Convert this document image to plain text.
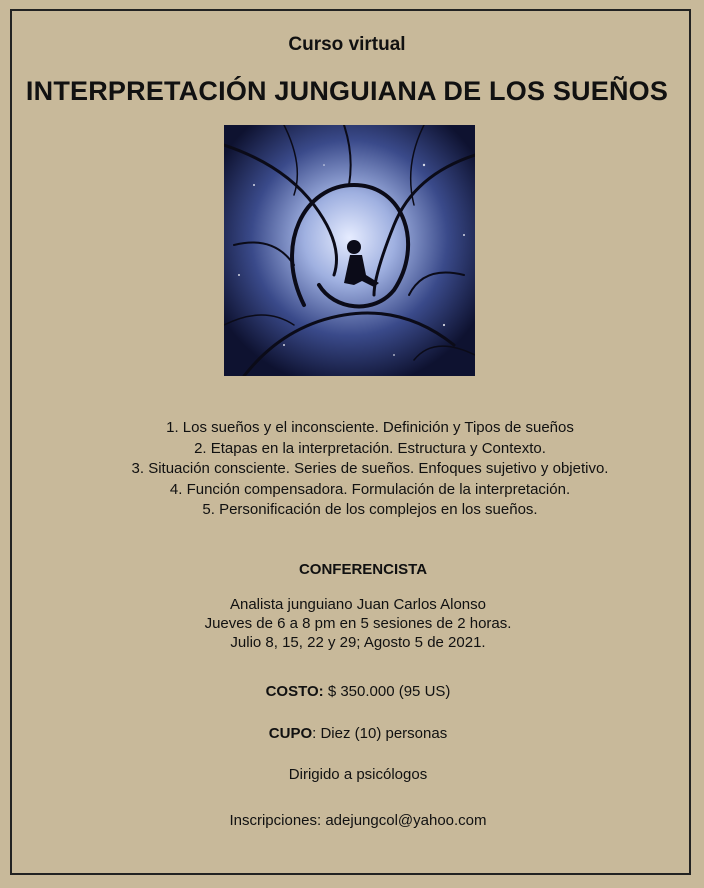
Curso virtual
INTERPRETACIÓN JUNGUIANA DE LOS SUEÑOS
1. Los sueños y el inconsciente. Definición y Tipos de sueños
2. Etapas en la interpretación. Estructura y Contexto.
3. Situación consciente. Series de sueños. Enfoques sujetivo y objetivo.
4. Función compensadora. Formulación de la interpretación.
5. Personificación de los complejos en los sueños.
CONFERENCISTA
Analista junguiano Juan Carlos Alonso
Jueves de 6 a 8 pm en 5 sesiones de 2 horas.
Julio 8, 15, 22 y 29; Agosto 5 de 2021.
COSTO: $ 350.000 (95 US)
CUPO: Diez (10) personas
Dirigido a psicólogos
Inscripciones: adejungcol@yahoo.com
